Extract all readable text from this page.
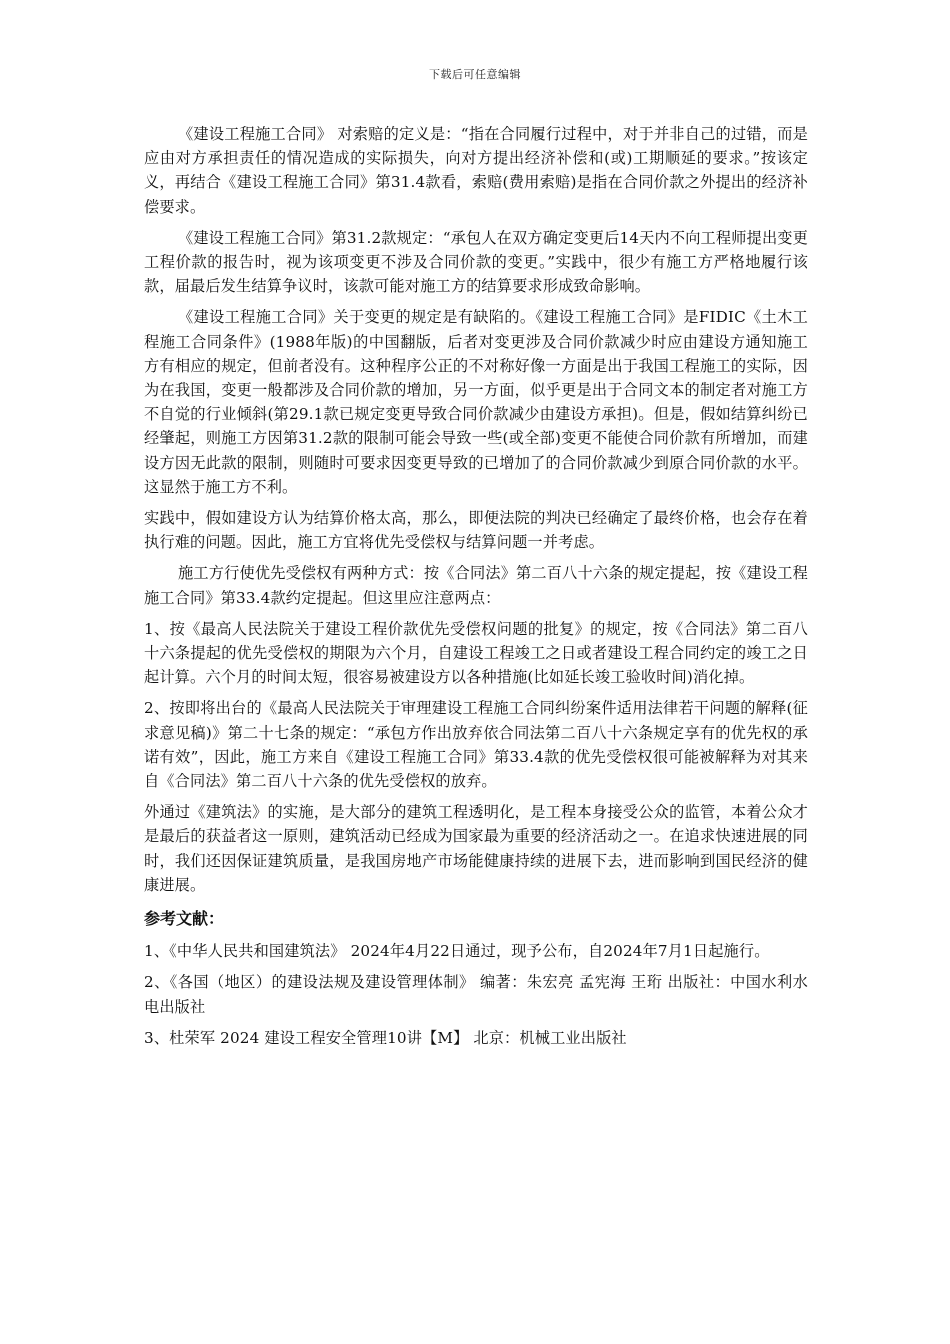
下载后可任意编辑

《建设工程施工合同》 对索赔的定义是：“指在合同履行过程中，对于并非自己的过错，而是应由对方承担责任的情况造成的实际损失，向对方提出经济补偿和(或)工期顺延的要求。”按该定义，再结合《建设工程施工合同》第31.4款看，索赔(费用索赔)是指在合同价款之外提出的经济补偿要求。

《建设工程施工合同》第31.2款规定：“承包人在双方确定变更后14天内不向工程师提出变更工程价款的报告时，视为该项变更不涉及合同价款的变更。”实践中，很少有施工方严格地履行该款，届最后发生结算争议时，该款可能对施工方的结算要求形成致命影响。

《建设工程施工合同》关于变更的规定是有缺陷的。《建设工程施工合同》是FIDIC《土木工程施工合同条件》(1988年版)的中国翻版，后者对变更涉及合同价款减少时应由建设方通知施工方有相应的规定，但前者没有。这种程序公正的不对称好像一方面是出于我国工程施工的实际，因为在我国，变更一般都涉及合同价款的增加，另一方面，似乎更是出于合同文本的制定者对施工方不自觉的行业倾斜(第29.1款已规定变更导致合同价款减少由建设方承担)。但是，假如结算纠纷已经肇起，则施工方因第31.2款的限制可能会导致一些(或全部)变更不能使合同价款有所增加，而建设方因无此款的限制，则随时可要求因变更导致的已增加了的合同价款减少到原合同价款的水平。这显然于施工方不利。

实践中，假如建设方认为结算价格太高，那么，即便法院的判决已经确定了最终价格，也会存在着执行难的问题。因此，施工方宜将优先受偿权与结算问题一并考虑。

施工方行使优先受偿权有两种方式：按《合同法》第二百八十六条的规定提起，按《建设工程施工合同》第33.4款约定提起。但这里应注意两点：

1、按《最高人民法院关于建设工程价款优先受偿权问题的批复》的规定，按《合同法》第二百八十六条提起的优先受偿权的期限为六个月，自建设工程竣工之日或者建设工程合同约定的竣工之日起计算。六个月的时间太短，很容易被建设方以各种措施(比如延长竣工验收时间)消化掉。

2、按即将出台的《最高人民法院关于审理建设工程施工合同纠纷案件适用法律若干问题的解释(征求意见稿)》第二十七条的规定：“承包方作出放弃依合同法第二百八十六条规定享有的优先权的承诺有效”，因此，施工方来自《建设工程施工合同》第33.4款的优先受偿权很可能被解释为对其来自《合同法》第二百八十六条的优先受偿权的放弃。

外通过《建筑法》的实施，是大部分的建筑工程透明化，是工程本身接受公众的监管，本着公众才是最后的获益者这一原则，建筑活动已经成为国家最为重要的经济活动之一。在追求快速进展的同时，我们还因保证建筑质量，是我国房地产市场能健康持续的进展下去，进而影响到国民经济的健康进展。

参考文献：

1、《中华人民共和国建筑法》 2024年4月22日通过，现予公布，自2024年7月1日起施行。

2、《各国（地区）的建设法规及建设管理体制》 编著：朱宏亮 孟宪海 王珩 出版社：中国水利水电出版社

3、杜荣军 2024 建设工程安全管理10讲【M】 北京：机械工业出版社
